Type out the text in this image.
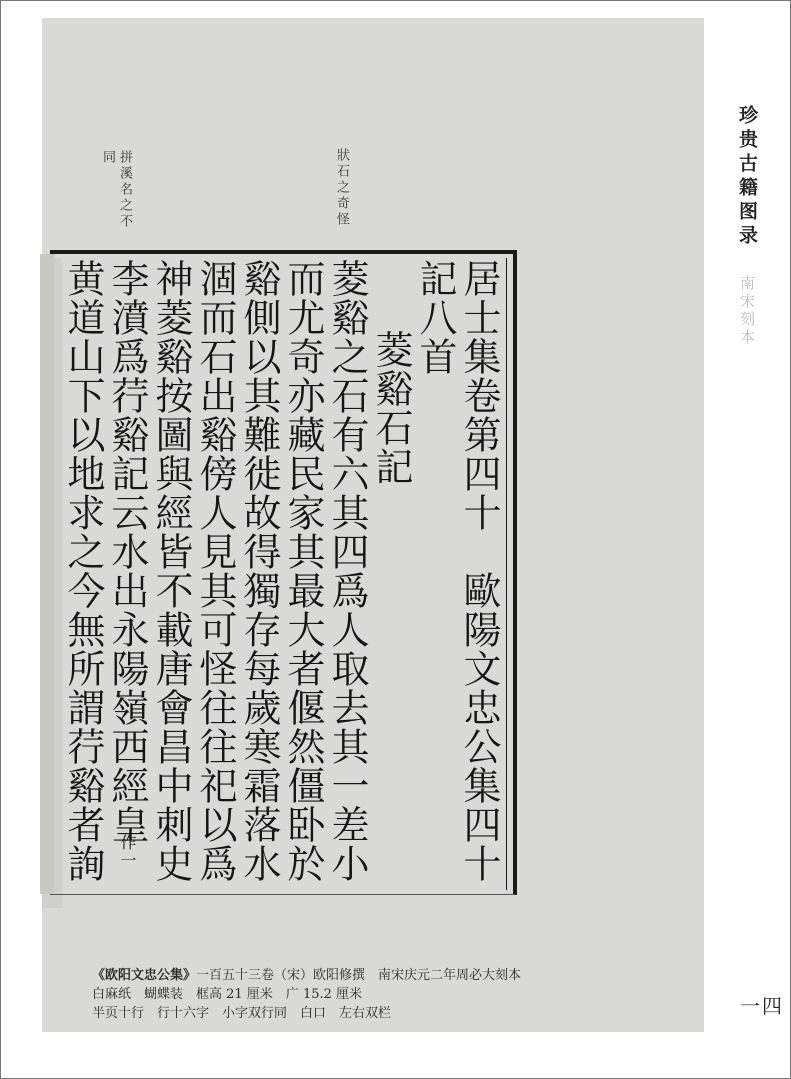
珍贵古籍图录
南宋刻本
一四
狀石之奇怪
拼溪名之不
同
居士集卷第四十　歐陽文忠公集四十
記八首
菱谿石記
菱谿之石有六其四爲人取去其一差小
而尤奇亦藏民家其最大者偃然僵卧於
谿側以其難徙故得獨存每歲寒霜落水
涸而石出谿傍人見其可怪往往祀以爲
神菱谿按圖與經皆不載唐會昌中刺史
李濆爲荇谿記云水出永陽嶺西經皇
作一
黄道山下以地求之今無所謂荇谿者詢
《欧阳文忠公集》一百五十三卷（宋）欧阳修撰　南宋庆元二年周必大刻本
白麻纸　蝴蝶装　框高 21 厘米　广 15.2 厘米
半页十行　行十六字　小字双行同　白口　左右双栏
